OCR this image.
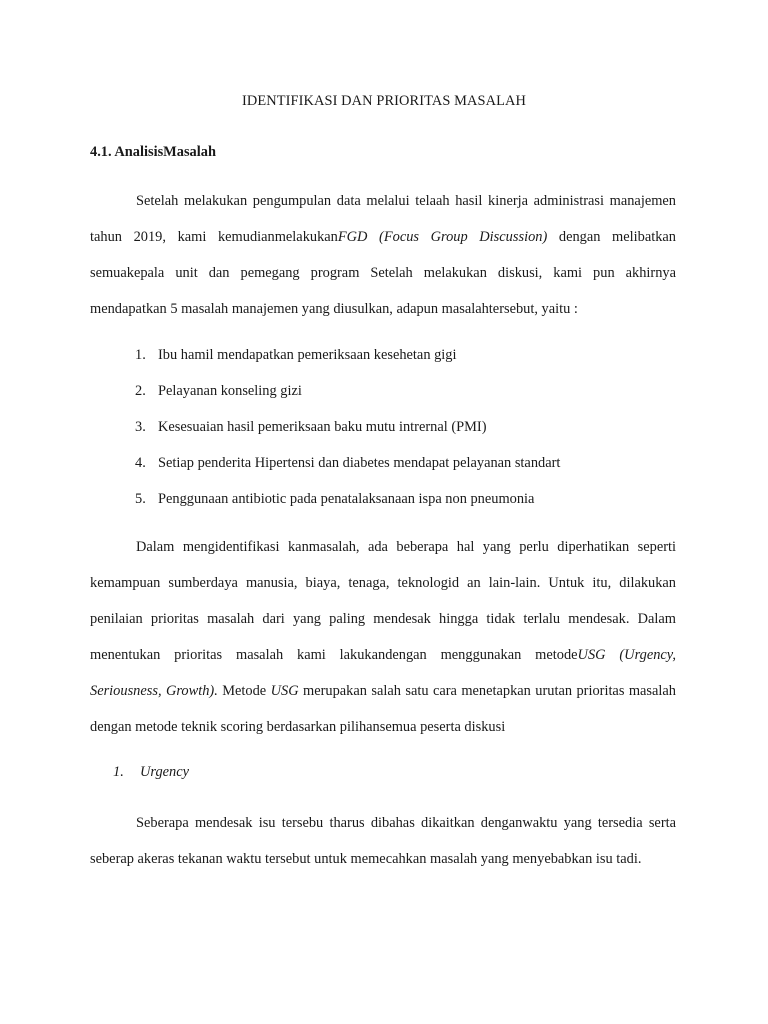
IDENTIFIKASI DAN PRIORITAS MASALAH
4.1. AnalisisMasalah

Setelah melakukan pengumpulan data melalui telaah hasil kinerja administrasi manajemen tahun 2019, kami kemudianmelakukanFGD (Focus Group Discussion) dengan melibatkan semuakepala unit dan pemegang program Setelah melakukan diskusi, kami pun akhirnya mendapatkan 5 masalah manajemen yang diusulkan, adapun masalahtersebut, yaitu :

1. Ibu hamil mendapatkan pemeriksaan kesehetan gigi
2. Pelayanan konseling gizi
3. Kesesuaian hasil pemeriksaan baku mutu intrernal (PMI)
4. Setiap penderita Hipertensi dan diabetes mendapat pelayanan standart
5. Penggunaan antibiotic pada penatalaksanaan ispa non pneumonia

Dalam mengidentifikasi kanmasalah, ada beberapa hal yang perlu diperhatikan seperti kemampuan sumberdaya manusia, biaya, tenaga, teknologid an lain-lain. Untuk itu, dilakukan penilaian prioritas masalah dari yang paling mendesak hingga tidak terlalu mendesak. Dalam menentukan prioritas masalah kami lakukandengan menggunakan metodeUSG (Urgency, Seriousness, Growth). Metode USG merupakan salah satu cara menetapkan urutan prioritas masalah dengan metode teknik scoring berdasarkan pilihansemua peserta diskusi

1. Urgency

Seberapa mendesak isu tersebu tharus dibahas dikaitkan denganwaktu yang tersedia serta seberap akeras tekanan waktu tersebut untuk memecahkan masalah yang menyebabkan isu tadi.
